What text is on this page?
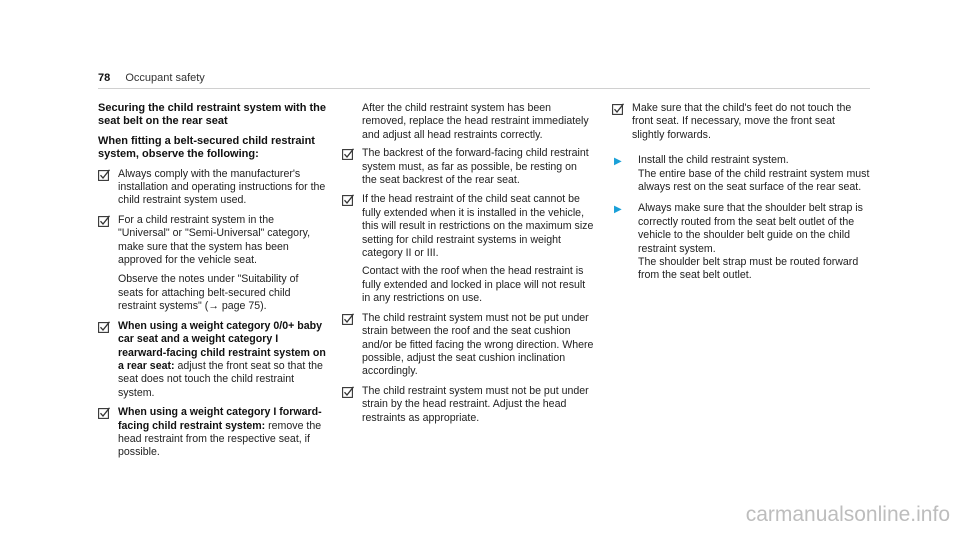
78 Occupant safety
Securing the child restraint system with the seat belt on the rear seat
When fitting a belt-secured child restraint system, observe the following:
Always comply with the manufacturer's installation and operating instructions for the child restraint system used.
For a child restraint system in the "Universal" or "Semi-Universal" category, make sure that the system has been approved for the vehicle seat.

Observe the notes under "Suitability of seats for attaching belt-secured child restraint systems" (→ page 75).

When using a weight category 0/0+ baby car seat and a weight category I rearward-facing child restraint system on a rear seat: adjust the front seat so that the seat does not touch the child restraint system.
When using a weight category I forward-facing child restraint system: remove the head restraint from the respective seat, if possible.

After the child restraint system has been removed, replace the head restraint immediately and adjust all head restraints correctly.

The backrest of the forward-facing child restraint system must, as far as possible, be resting on the seat backrest of the rear seat.

If the head restraint of the child seat cannot be fully extended when it is installed in the vehicle, this will result in restrictions on the maximum size setting for child restraint systems in weight category II or III.

Contact with the roof when the head restraint is fully extended and locked in place will not result in any restrictions on use.

The child restraint system must not be put under strain between the roof and the seat cushion and/or be fitted facing the wrong direction. Where possible, adjust the seat cushion inclination accordingly.
The child restraint system must not be put under strain by the head restraint. Adjust the head restraints as appropriate.
Make sure that the child's feet do not touch the front seat. If necessary, move the front seat slightly forwards.
▶	Install the child restraint system.
The entire base of the child restraint system must always rest on the seat surface of the rear seat.
▶	Always make sure that the shoulder belt strap is correctly routed from the seat belt outlet of the vehicle to the shoulder belt guide on the child restraint system.
The shoulder belt strap must be routed forward from the seat belt outlet.
carmanualsonline.info
